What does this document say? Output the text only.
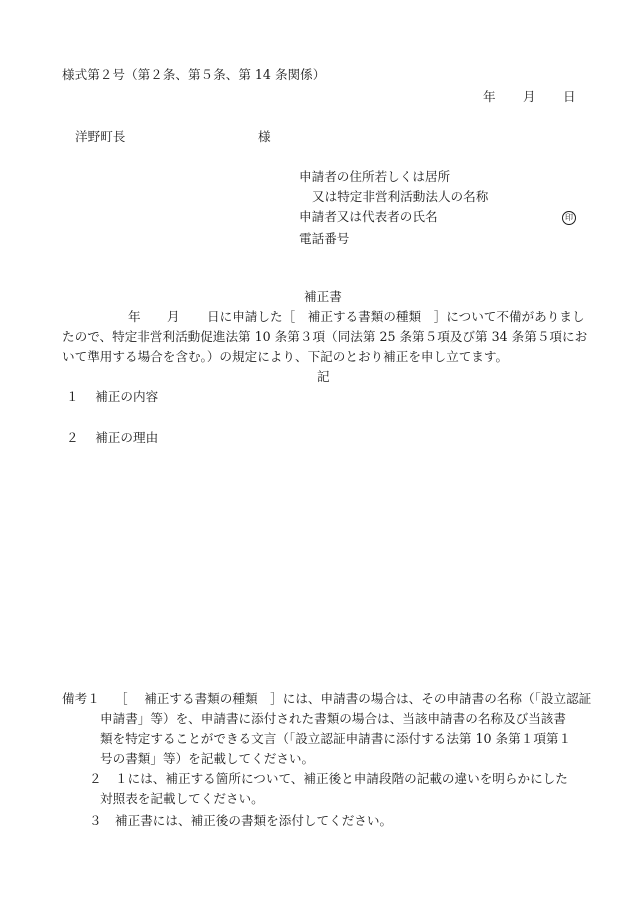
様式第２号（第２条、第５条、第 14 条関係）
年 月 日
洋野町長	様
申請者の住所若しくは居所
又は特定非営利活動法人の名称
申請者又は代表者の氏名	印
電話番号
補正書
年 月 日に申請した［　補正する書類の種類　］について不備がありまし
たので、特定非営利活動促進法第 10 条第３項（同法第 25 条第５項及び第 34 条第５項にお
いて準用する場合を含む。）の規定により、下記のとおり補正を申し立てます。
記
１　 補正の内容
２　 補正の理由
備考１ ［　 補正する書類の種類　］には、申請書の場合は、その申請書の名称（「設立認証
申請書」等）を、申請書に添付された書類の場合は、当該申請書の名称及び当該書
類を特定することができる文言（「設立認証申請書に添付する法第 10 条第１項第１
号の書類」等）を記載してください。
２ １には、補正する箇所について、補正後と申請段階の記載の違いを明らかにした
対照表を記載してください。
３ 補正書には、補正後の書類を添付してください。
